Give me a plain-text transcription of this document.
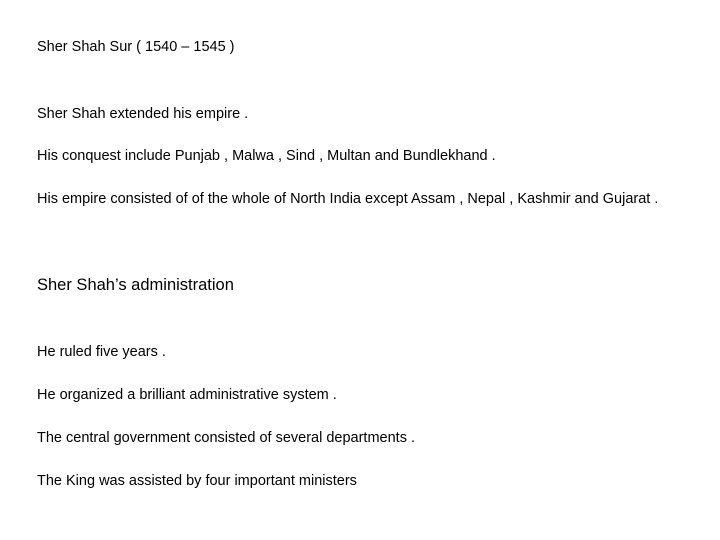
Sher Shah Sur ( 1540 – 1545 )
Sher Shah extended his empire .
His conquest include Punjab , Malwa , Sind , Multan and Bundlekhand .
His empire consisted of of the whole of North India except Assam , Nepal , Kashmir and Gujarat .
Sher Shah’s administration
He ruled five years .
He organized a brilliant administrative system .
The central government consisted of several departments .
The King was assisted by four important ministers
